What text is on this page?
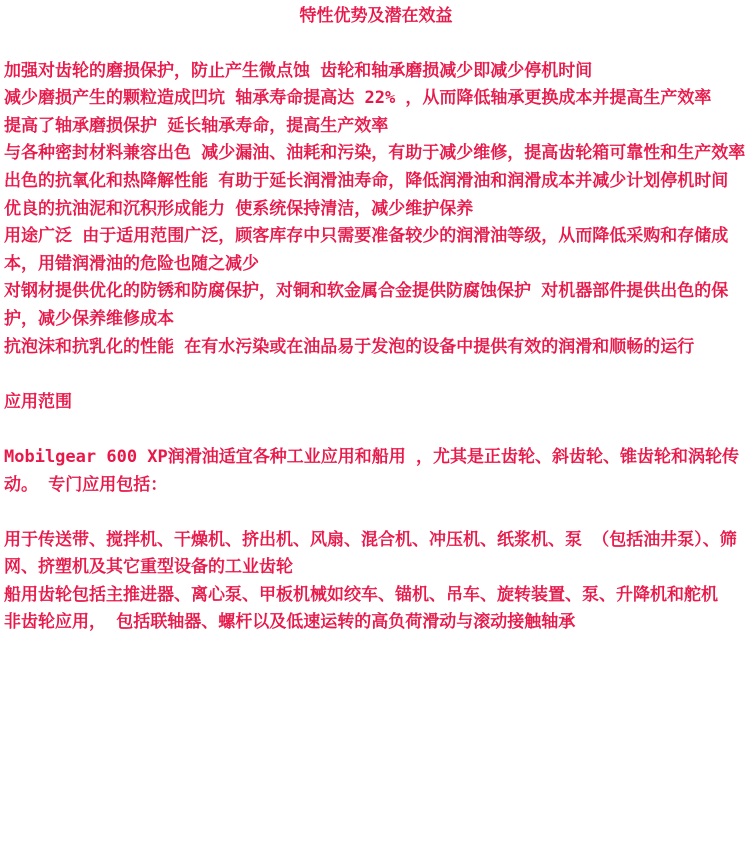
特性优势及潜在效益

加强对齿轮的磨损保护，防止产生微点蚀 齿轮和轴承磨损减少即减少停机时间

减少磨损产生的颗粒造成凹坑 轴承寿命提高达 22% ，从而降低轴承更换成本并提高生产效率

提高了轴承磨损保护 延长轴承寿命，提高生产效率

与各种密封材料兼容出色 减少漏油、油耗和污染，有助于减少维修，提高齿轮箱可靠性和生产效率

出色的抗氧化和热降解性能 有助于延长润滑油寿命，降低润滑油和润滑成本并减少计划停机时间

优良的抗油泥和沉积形成能力 使系统保持清洁，减少维护保养

用途广泛 由于适用范围广泛，顾客库存中只需要准备较少的润滑油等级，从而降低采购和存储成本，用错润滑油的危险也随之减少

对钢材提供优化的防锈和防腐保护，对铜和软金属合金提供防腐蚀保护 对机器部件提供出色的保护，减少保养维修成本

抗泡沫和抗乳化的性能 在有水污染或在油品易于发泡的设备中提供有效的润滑和顺畅的运行

应用范围

Mobilgear 600 XP润滑油适宜各种工业应用和船用 ，尤其是正齿轮、斜齿轮、锥齿轮和涡轮传动。 专门应用包括：

用于传送带、搅拌机、干燥机、挤出机、风扇、混合机、冲压机、纸浆机、泵 （包括油井泵）、筛网、挤塑机及其它重型设备的工业齿轮

船用齿轮包括主推进器、离心泵、甲板机械如绞车、锚机、吊车、旋转装置、泵、升降机和舵机

非齿轮应用， 包括联轴器、螺杆以及低速运转的高负荷滑动与滚动接触轴承
